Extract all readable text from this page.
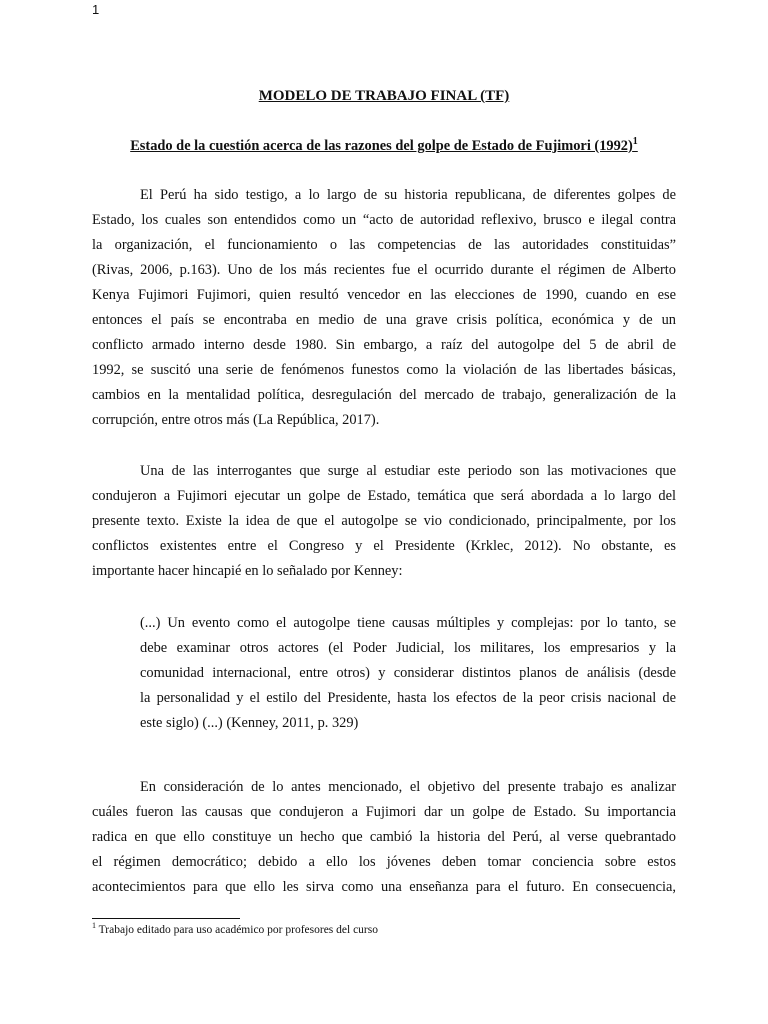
1
MODELO DE TRABAJO FINAL (TF)
Estado de la cuestión acerca de las razones del golpe de Estado de Fujimori $(1992)^1$
El Perú ha sido testigo, a lo largo de su historia republicana, de diferentes golpes de
Estado, los cuales son entendidos como un “acto de autoridad reflexivo, brusco e ilegal contra
la organización, el funcionamiento o las competencias de las autoridades constituidas”
(Rivas, 2006, p.163). Uno de los más recientes fue el ocurrido durante el régimen de Alberto
Kenya Fujimori Fujimori, quien resultó vencedor en las elecciones de 1990, cuando en ese
entonces el país se encontraba en medio de una grave crisis política, económica y de un
conflicto armado interno desde 1980. Sin embargo, a raíz del autogolpe del 5 de abril de
1992, se suscitó una serie de fenómenos funestos como la violación de las libertades básicas,
cambios en la mentalidad política, desregulación del mercado de trabajo, generalización de la
corrupción, entre otros más (La República, 2017).
Una de las interrogantes que surge al estudiar este periodo son las motivaciones que
condujeron a Fujimori ejecutar un golpe de Estado, temática que será abordada a lo largo del
presente texto. Existe la idea de que el autogolpe se vio condicionado, principalmente, por los
conflictos existentes entre el Congreso y el Presidente (Krklec, 2012). No obstante, es
importante hacer hincapié en lo señalado por Kenney:
(...) Un evento como el autogolpe tiene causas múltiples y complejas: por lo tanto, se
debe examinar otros actores (el Poder Judicial, los militares, los empresarios y la
comunidad internacional, entre otros) y considerar distintos planos de análisis (desde
la personalidad y el estilo del Presidente, hasta los efectos de la peor crisis nacional de
este siglo) (...) (Kenney, 2011, p. 329)
En consideración de lo antes mencionado, el objetivo del presente trabajo es analizar
cuáles fueron las causas que condujeron a Fujimori dar un golpe de Estado. Su importancia
radica en que ello constituye un hecho que cambió la historia del Perú, al verse quebrantado
el régimen democrático; debido a ello los jóvenes deben tomar conciencia sobre estos
acontecimientos para que ello les sirva como una enseñanza para el futuro. En consecuencia,
$^1$ Trabajo editado para uso académico por profesores del curso
